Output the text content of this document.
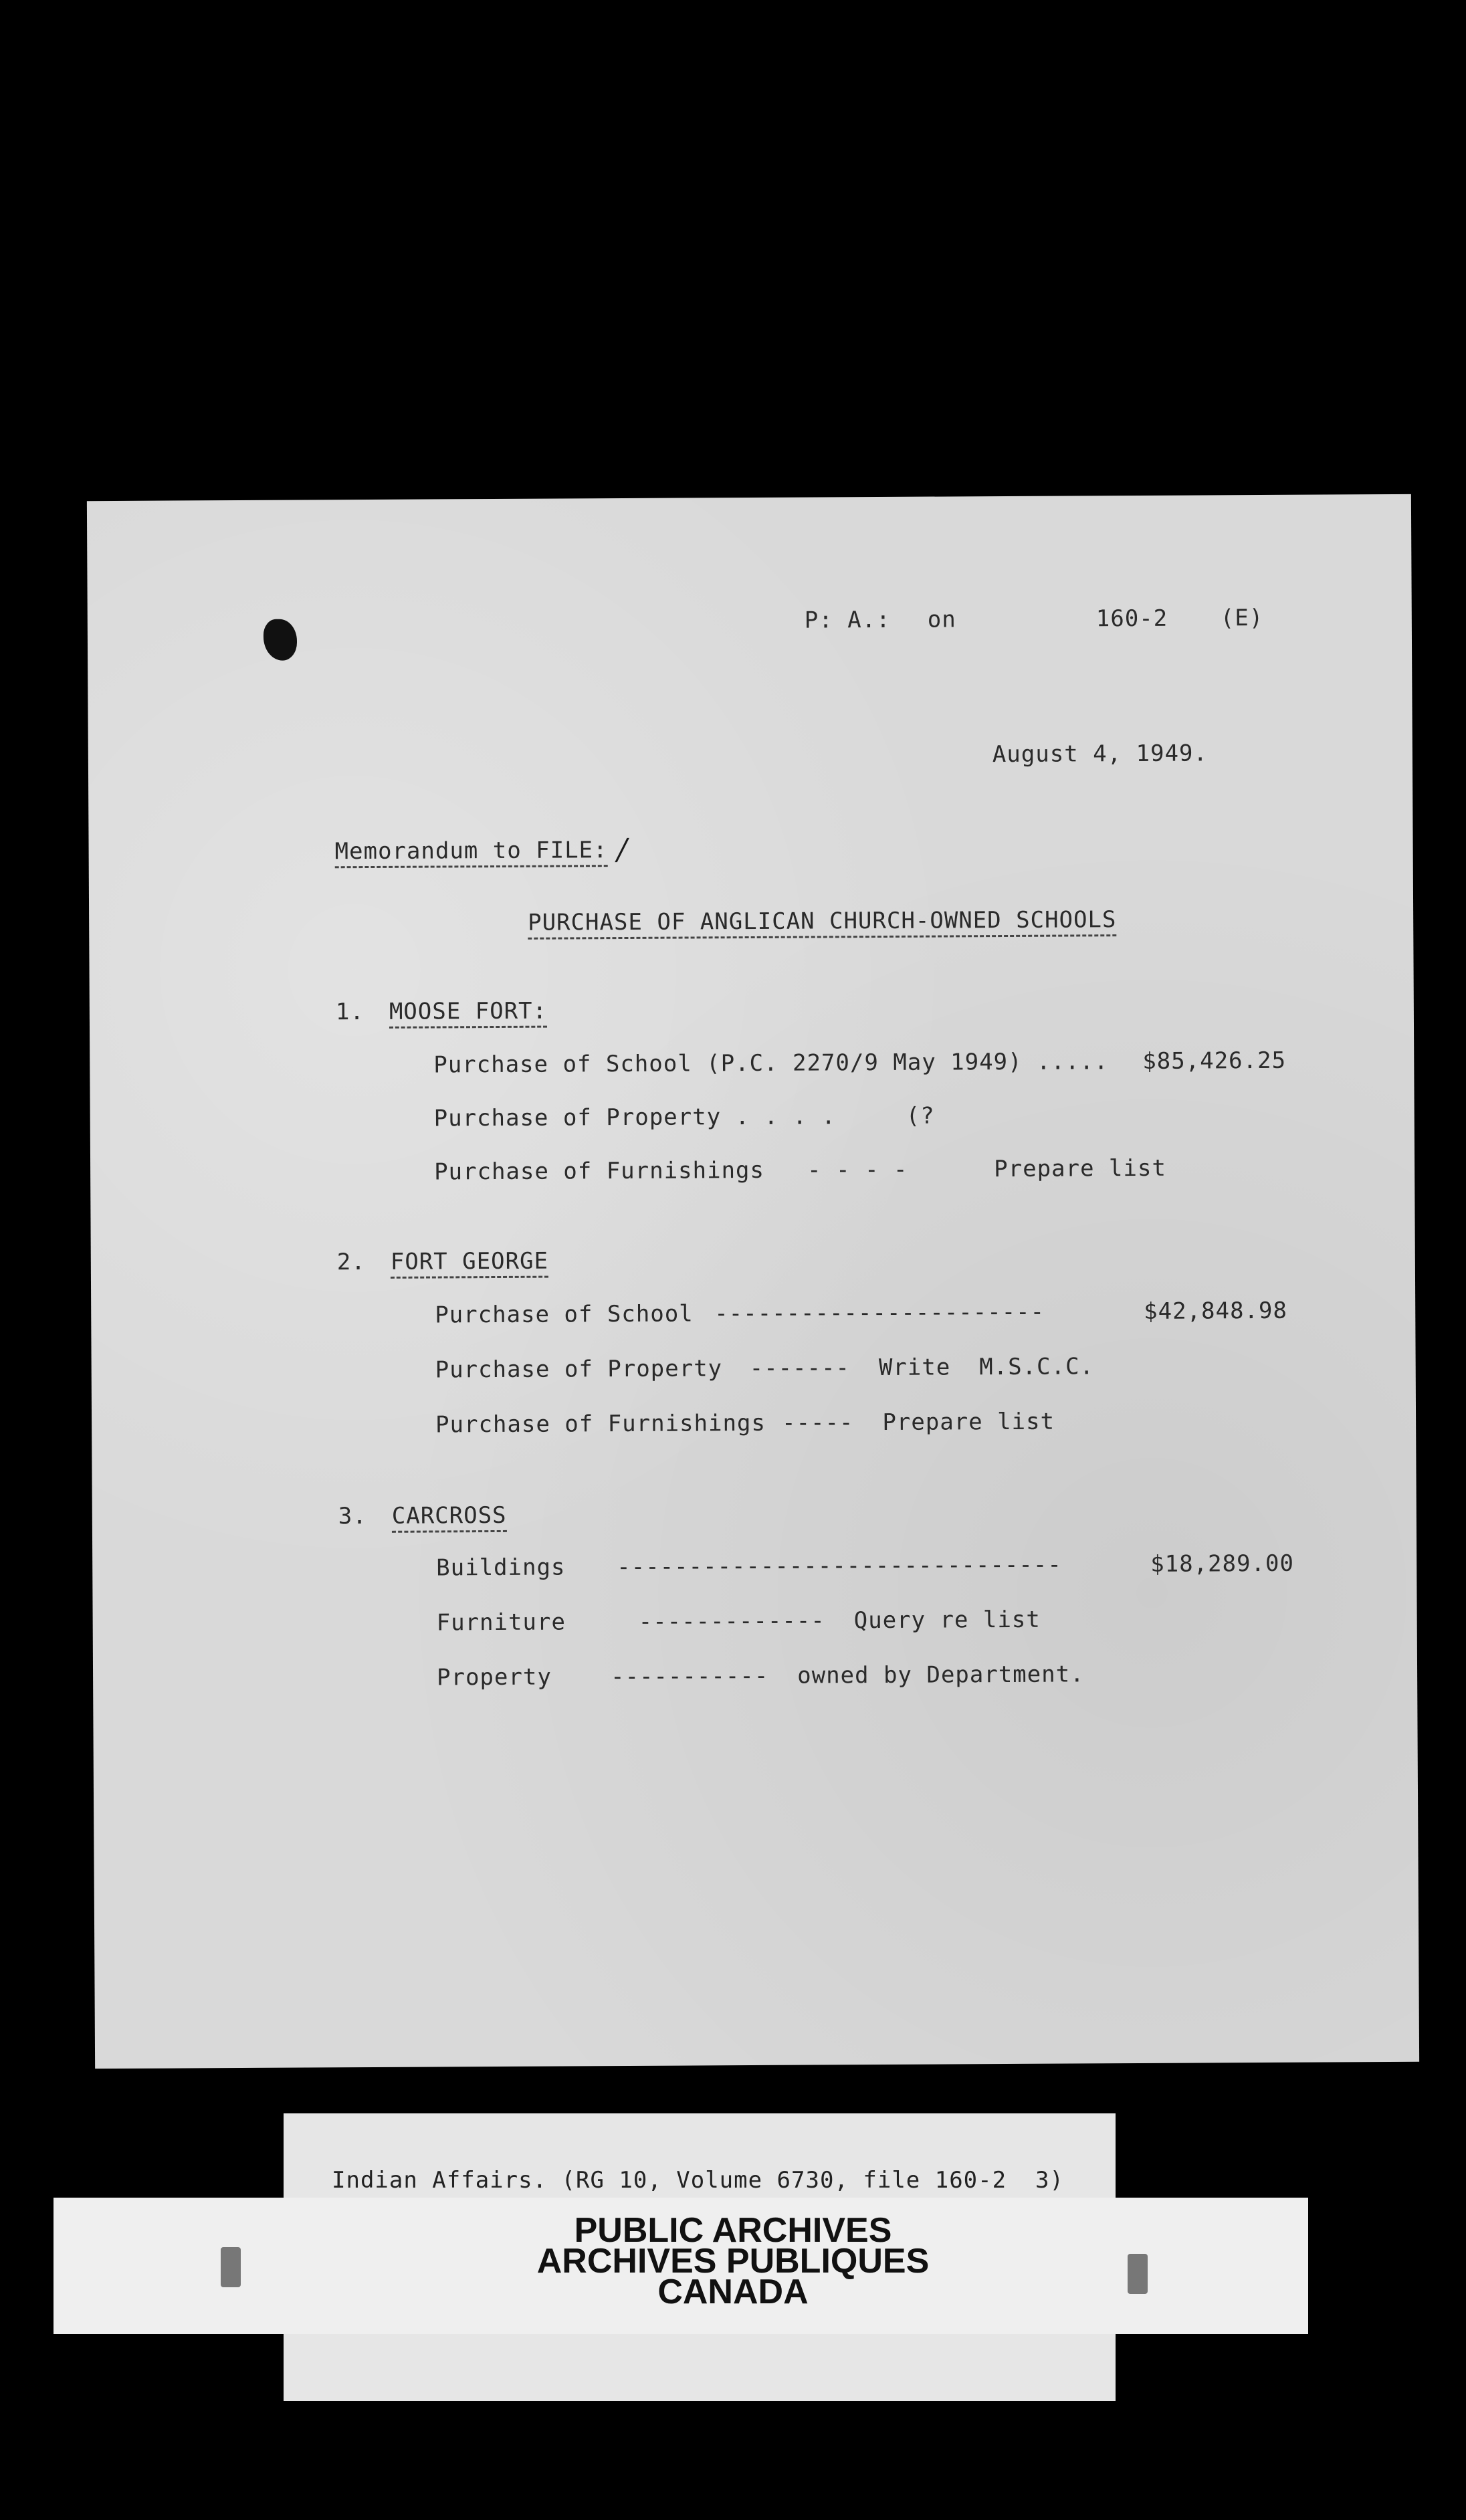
P: A.: on	160-2 (E)
August 4, 1949.
Memorandum to FILE: /
PURCHASE OF ANGLICAN CHURCH-OWNED SCHOOLS
1. MOOSE FORT:
Purchase of School (P.C. 2270/9 May 1949) ..... $85,426.25
Purchase of Property . . . .	(?
Purchase of Furnishings - - - -      Prepare list
2. FORT GEORGE
Purchase of School -----------------------	$42,848.98
Purchase of Property -------  Write  M.S.C.C.
Purchase of Furnishings -----  Prepare list
3. CARCROSS
Buildings -------------------------------	$18,289.00
Furniture	-------------  Query re list
Property	-----------  owned by Department.
Indian Affairs. (RG 10, Volume 6730, file 160-2  3)
PUBLIC ARCHIVES
ARCHIVES PUBLIQUES
CANADA
